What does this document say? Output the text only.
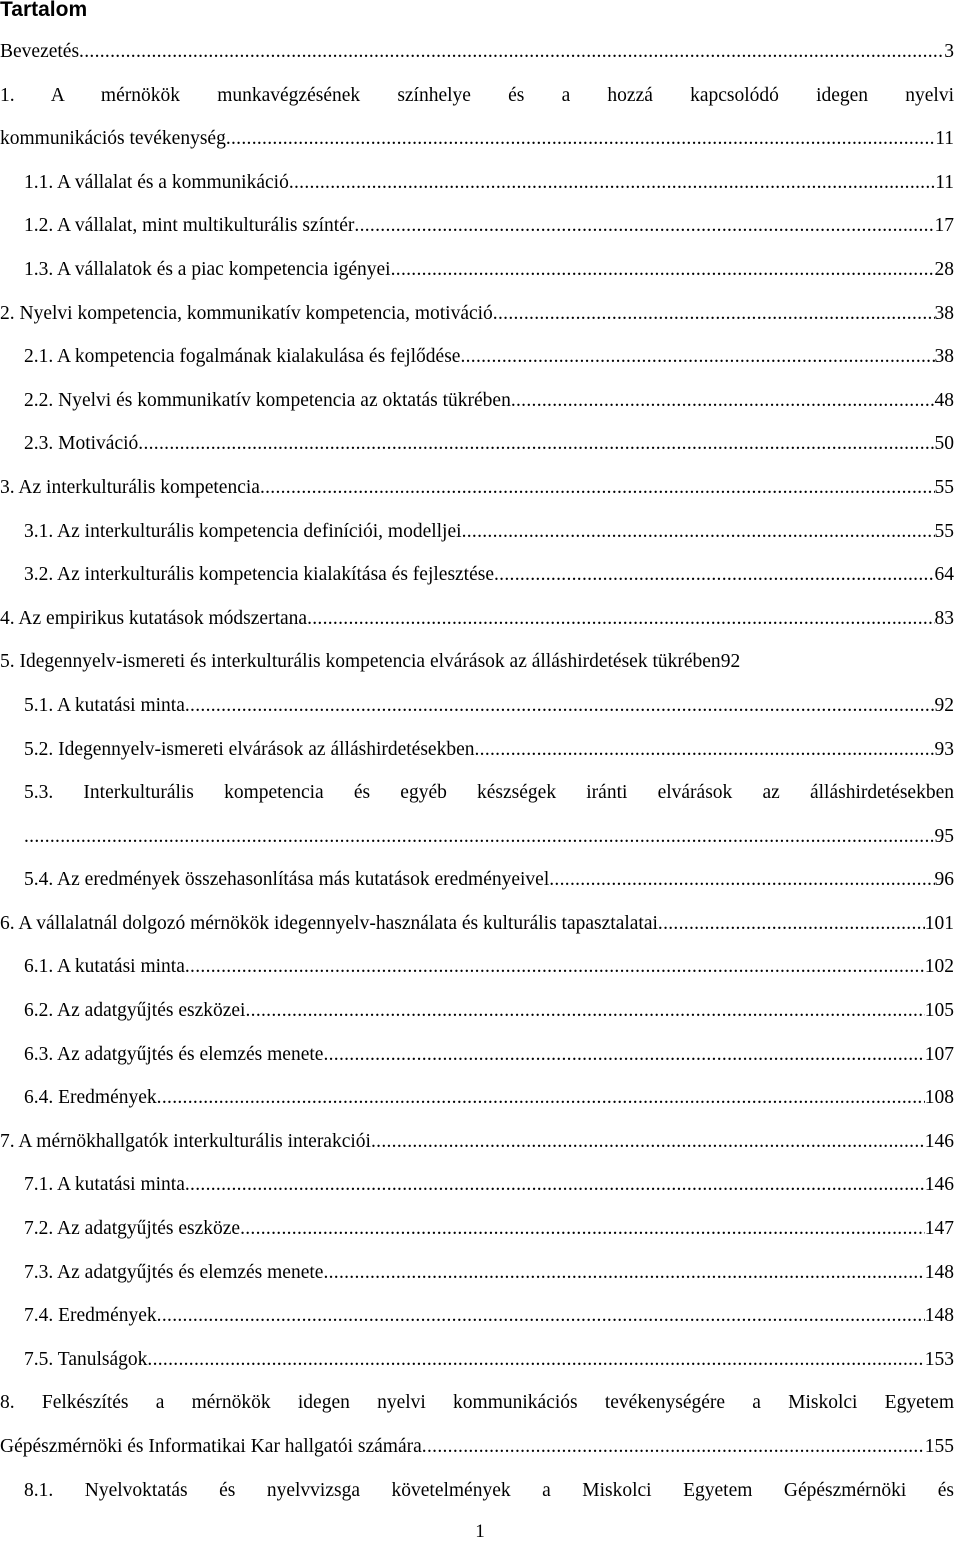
Tartalom
Bevezetés .....	3
1. A mérnökök munkavégzésének színhelye és a hozzá kapcsolódó idegen nyelvi
kommunikációs tevékenység .....	11
1.1. A vállalat és a kommunikáció .....	11
1.2. A vállalat, mint multikulturális színtér .....	17
1.3. A vállalatok és a piac kompetencia igényei .....	28
2. Nyelvi kompetencia, kommunikatív kompetencia, motiváció .....	38
2.1. A kompetencia fogalmának kialakulása és fejlődése .....	38
2.2. Nyelvi és kommunikatív kompetencia az oktatás tükrében .....	48
2.3. Motiváció .....	50
3. Az interkulturális kompetencia .....	55
3.1. Az interkulturális kompetencia definíciói, modelljei .....	55
3.2. Az interkulturális kompetencia kialakítása és fejlesztése .....	64
4. Az empirikus kutatások módszertana .....	83
5. Idegennyelv-ismereti és interkulturális kompetencia elvárások az álláshirdetések tükrében 92
5.1. A kutatási minta .....	92
5.2. Idegennyelv-ismereti elvárások az álláshirdetésekben .....	93
5.3. Interkulturális kompetencia és egyéb készségek iránti elvárások az álláshirdetésekben
.....
95
5.4. Az eredmények összehasonlítása más kutatások eredményeivel .....	96
6. A vállalatnál dolgozó mérnökök idegennyelv-használata és kulturális tapasztalatai .....	101
6.1. A kutatási minta .....	102
6.2. Az adatgyűjtés eszközei .....	105
6.3. Az adatgyűjtés és elemzés menete .....	107
6.4. Eredmények .....	108
7. A mérnökhallgatók interkulturális interakciói .....	146
7.1. A kutatási minta .....	146
7.2. Az adatgyűjtés eszköze .....	147
7.3. Az adatgyűjtés és elemzés menete .....	148
7.4. Eredmények .....	148
7.5. Tanulságok .....	153
8. Felkészítés a mérnökök idegen nyelvi kommunikációs tevékenységére a Miskolci Egyetem
Gépészmérnöki és Informatikai Kar hallgatói számára .....	155
8.1. Nyelvoktatás és nyelvvizsga követelmények a Miskolci Egyetem Gépészmérnöki és
1
